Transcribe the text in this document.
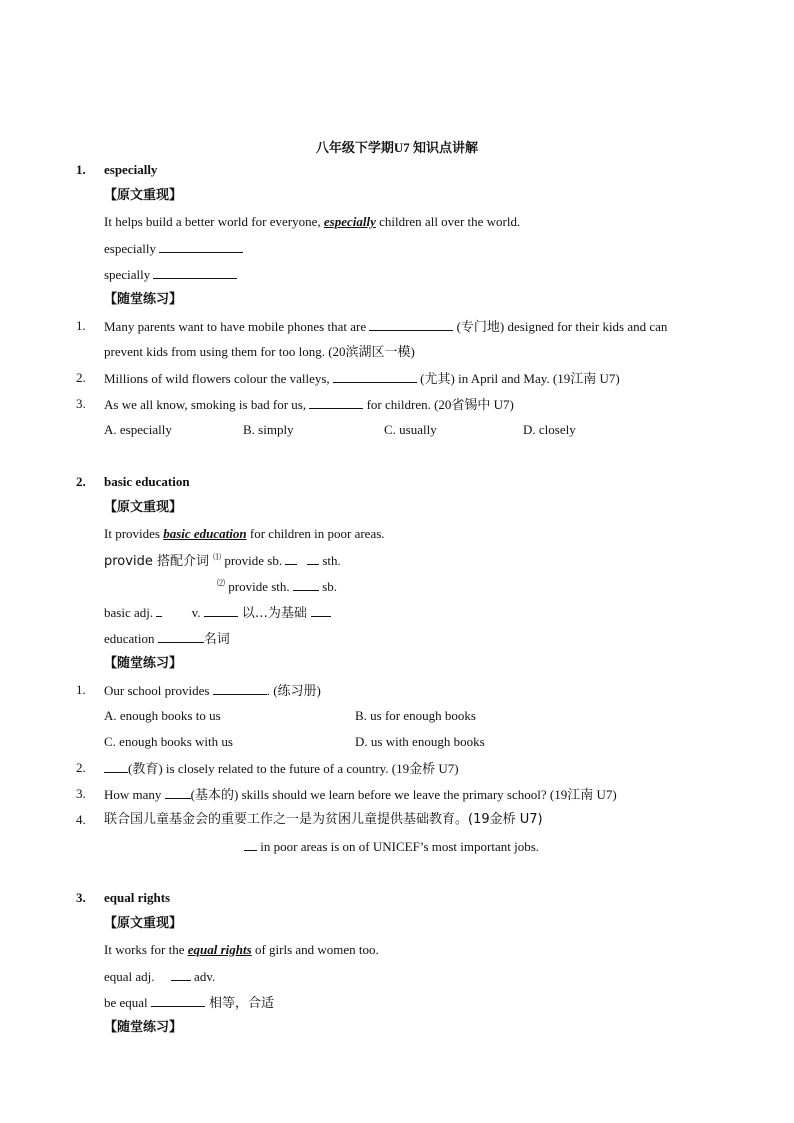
八年级下学期U7 知识点讲解
1. especially
【原文重现】
It helps build a better world for everyone, especially children all over the world.
especially
specially
【随堂练习】
1. Many parents want to have mobile phones that are	(专门地) designed for their kids and can
prevent kids from using them for too long. (20滨湖区一模)
2. Millions of wild flowers colour the valleys,	(尤其) in April and May. (19江南 U7)
3. As we all know, smoking is bad for us,	for children. (20省锡中 U7)
A. especially	B. simply	C. usually	D. closely
2. basic education
【原文重现】
It provides basic education for children in poor areas.
provide 搭配介词 ⑴ provide sb.	sth.
⑵ provide sth.  sb.
basic adj.	v.	以…为基础
education	名词
【随堂练习】
1. Our school provides	. (练习册)
A. enough books to us	B. us for enough books
C. enough books with us	D. us with enough books
2.	(教育) is closely related to the future of a country. (19金桥 U7)
3. How many (基本的) skills should we learn before we leave the primary school? (19江南 U7)
4. 联合国儿童基金会的重要工作之一是为贫困儿童提供基础教育。(19金桥 U7)
in poor areas is on of UNICEF’s most important jobs.
3. equal rights
【原文重现】
It works for the equal rights of girls and women too.
equal adj.      adv.
be equal	相等，合适
【随堂练习】
